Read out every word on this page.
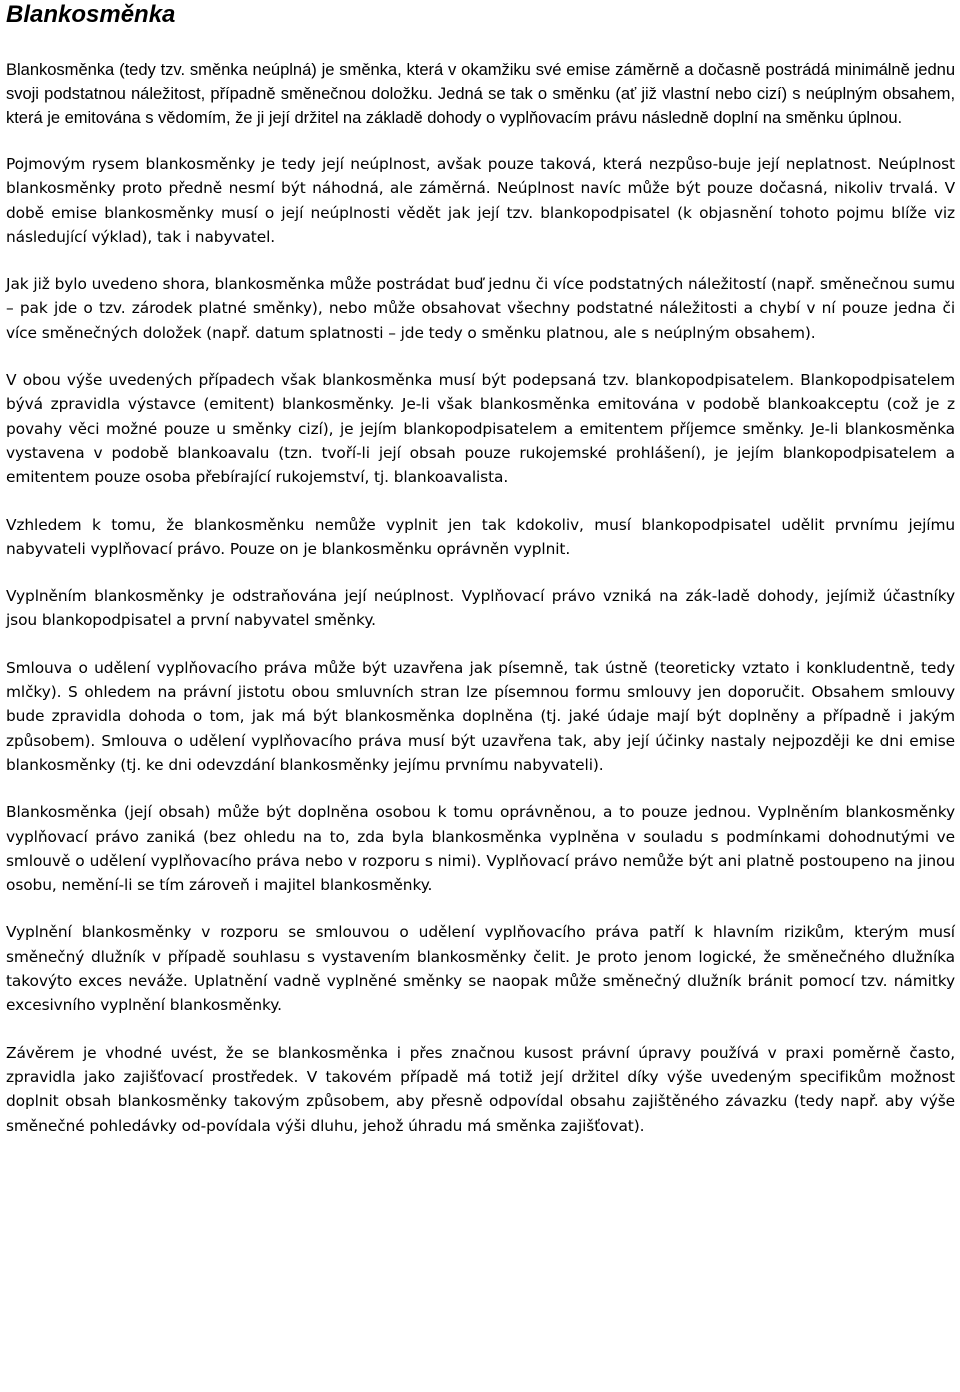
Blankosměnka

Blankosměnka (tedy tzv. směnka neúplná) je směnka, která v okamžiku své emise záměrně a dočasně postrádá minimálně jednu svoji podstatnou náležitost, případně směnečnou doložku. Jedná se tak o směnku (ať již vlastní nebo cizí) s neúplným obsahem, která je emitována s vědomím, že ji její držitel na základě dohody o vyplňovacím právu následně doplní na směnku úplnou.

Pojmovým rysem blankosměnky je tedy její neúplnost, avšak pouze taková, která nezpůso-buje její neplatnost. Neúplnost blankosměnky proto předně nesmí být náhodná, ale záměrná. Neúplnost navíc může být pouze dočasná, nikoliv trvalá. V době emise blankosměnky musí o její neúplnosti vědět jak její tzv. blankopodpisatel (k objasnění tohoto pojmu blíže viz následující výklad), tak i nabyvatel.

Jak již bylo uvedeno shora, blankosměnka může postrádat buď jednu či více podstatných náležitostí (např. směnečnou sumu – pak jde o tzv. zárodek platné směnky), nebo může obsahovat všechny podstatné náležitosti a chybí v ní pouze jedna či více směnečných doložek (např. datum splatnosti – jde tedy o směnku platnou, ale s neúplným obsahem).

V obou výše uvedených případech však blankosměnka musí být podepsaná tzv. blankopodpisatelem. Blankopodpisatelem bývá zpravidla výstavce (emitent) blankosměnky. Je-li však blankosměnka emitována v podobě blankoakceptu (což je z povahy věci možné pouze u směnky cizí), je jejím blankopodpisatelem a emitentem příjemce směnky. Je-li blankosměnka vystavena v podobě blankoavalu (tzn. tvoří-li její obsah pouze rukojemské prohlášení), je jejím blankopodpisatelem a emitentem pouze osoba přebírající rukojemství, tj. blankoavalista.

Vzhledem k tomu, že blankosměnku nemůže vyplnit jen tak kdokoliv, musí blankopodpisatel udělit prvnímu jejímu nabyvateli vyplňovací právo. Pouze on je blankosměnku oprávněn vyplnit.

Vyplněním blankosměnky je odstraňována její neúplnost. Vyplňovací právo vzniká na zák-ladě dohody, jejímiž účastníky jsou blankopodpisatel a první nabyvatel směnky.

Smlouva o udělení vyplňovacího práva může být uzavřena jak písemně, tak ústně (teoreticky vztato i konkludentně, tedy mlčky). S ohledem na právní jistotu obou smluvních stran lze písemnou formu smlouvy jen doporučit. Obsahem smlouvy bude zpravidla dohoda o tom, jak má být blankosměnka doplněna (tj. jaké údaje mají být doplněny a případně i jakým způsobem). Smlouva o udělení vyplňovacího práva musí být uzavřena tak, aby její účinky nastaly nejpozději ke dni emise blankosměnky (tj. ke dni odevzdání blankosměnky jejímu prvnímu nabyvateli).

Blankosměnka (její obsah) může být doplněna osobou k tomu oprávněnou, a to pouze jednou. Vyplněním blankosměnky vyplňovací právo zaniká (bez ohledu na to, zda byla blankosměnka vyplněna v souladu s podmínkami dohodnutými ve smlouvě o udělení vyplňovacího práva nebo v rozporu s nimi). Vyplňovací právo nemůže být ani platně postoupeno na jinou osobu, nemění-li se tím zároveň i majitel blankosměnky.

Vyplnění blankosměnky v rozporu se smlouvou o udělení vyplňovacího práva patří k hlavním rizikům, kterým musí směnečný dlužník v případě souhlasu s vystavením blankosměnky čelit. Je proto jenom logické, že směnečného dlužníka takovýto exces neváže. Uplatnění vadně vyplněné směnky se naopak může směnečný dlužník bránit pomocí tzv. námitky excesivního vyplnění blankosměnky.

Závěrem je vhodné uvést, že se blankosměnka i přes značnou kusost právní úpravy používá v praxi poměrně často, zpravidla jako zajišťovací prostředek. V takovém případě má totiž její držitel díky výše uvedeným specifikům možnost doplnit obsah blankosměnky takovým způsobem, aby přesně odpovídal obsahu zajištěného závazku (tedy např. aby výše směnečné pohledávky od-povídala výši dluhu, jehož úhradu má směnka zajišťovat).
